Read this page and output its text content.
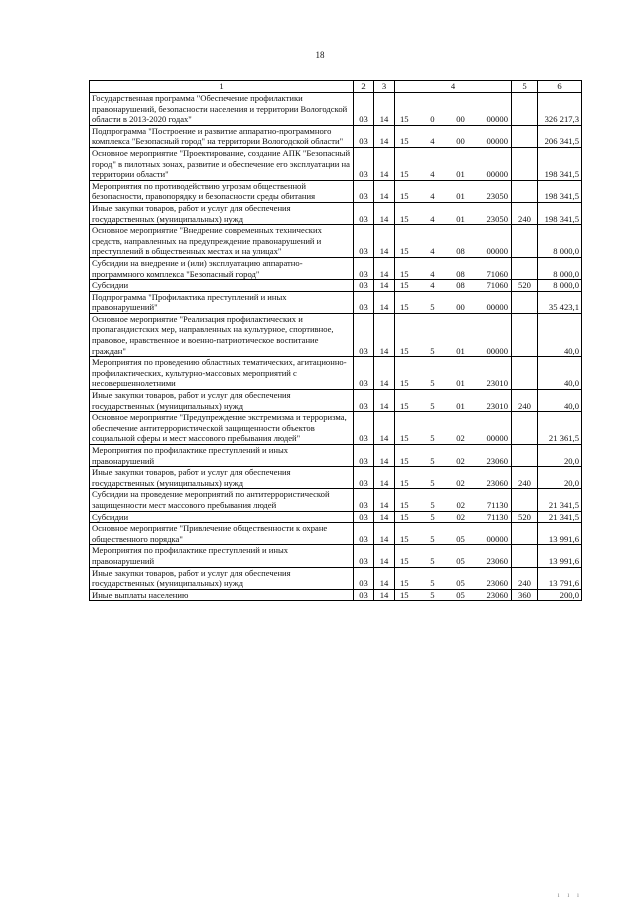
18
1	2	3	4	5	6
Государственная программа "Обеспечение профилактики правонарушений, безопасности населения и территории Вологодской области в 2013-2020 годах"	03	14	15 0 00 00000		326 217,3
Подпрограмма "Построение и развитие аппаратно-программного комплекса "Безопасный город" на территории Вологодской области"	03	14	15 4 00 00000		206 341,5
Основное мероприятие "Проектирование, создание АПК "Безопасный город" в пилотных зонах, развитие и обеспечение его эксплуатации на территории области"	03	14	15 4 01 00000		198 341,5
Мероприятия по противодействию угрозам общественной безопасности, правопорядку и безопасности среды обитания	03	14	15 4 01 23050		198 341,5
Иные закупки товаров, работ и услуг для обеспечения государственных (муниципальных) нужд	03	14	15 4 01 23050	240	198 341,5
Основное мероприятие "Внедрение современных технических средств, направленных на предупреждение правонарушений и преступлений в общественных местах и на улицах"	03	14	15 4 08 00000		8 000,0
Субсидии на внедрение и (или) эксплуатацию аппаратно-программного комплекса "Безопасный город"	03	14	15 4 08 71060		8 000,0
Субсидии	03	14	15 4 08 71060	520	8 000,0
Подпрограмма "Профилактика преступлений и иных правонарушений"	03	14	15 5 00 00000		35 423,1
Основное мероприятие "Реализация профилактических и пропагандистских мер, направленных на культурное, спортивное, правовое, нравственное и военно-патриотическое воспитание граждан"	03	14	15 5 01 00000		40,0
Мероприятия по проведению областных тематических, агитационно-профилактических, культурно-массовых мероприятий с несовершеннолетними	03	14	15 5 01 23010		40,0
Иные закупки товаров, работ и услуг для обеспечения государственных (муниципальных) нужд	03	14	15 5 01 23010	240	40,0
Основное мероприятие "Предупреждение экстремизма и терроризма, обеспечение антитеррористической защищенности объектов социальной сферы и мест массового пребывания людей"	03	14	15 5 02 00000		21 361,5
Мероприятия по профилактике преступлений и иных правонарушений	03	14	15 5 02 23060		20,0
Иные закупки товаров, работ и услуг для обеспечения государственных (муниципальных) нужд	03	14	15 5 02 23060	240	20,0
Субсидии на проведение мероприятий по антитеррористической защищенности мест массового пребывания людей	03	14	15 5 02 71130		21 341,5
Субсидии	03	14	15 5 02 71130	520	21 341,5
Основное мероприятие "Привлечение общественности к охране общественного порядка"	03	14	15 5 05 00000		13 991,6
Мероприятия по профилактике преступлений и иных правонарушений	03	14	15 5 05 23060		13 991,6
Иные закупки товаров, работ и услуг для обеспечения государственных (муниципальных) нужд	03	14	15 5 05 23060	240	13 791,6
Иные выплаты населению	03	14	15 5 05 23060	360	200,0
ı ı ı
